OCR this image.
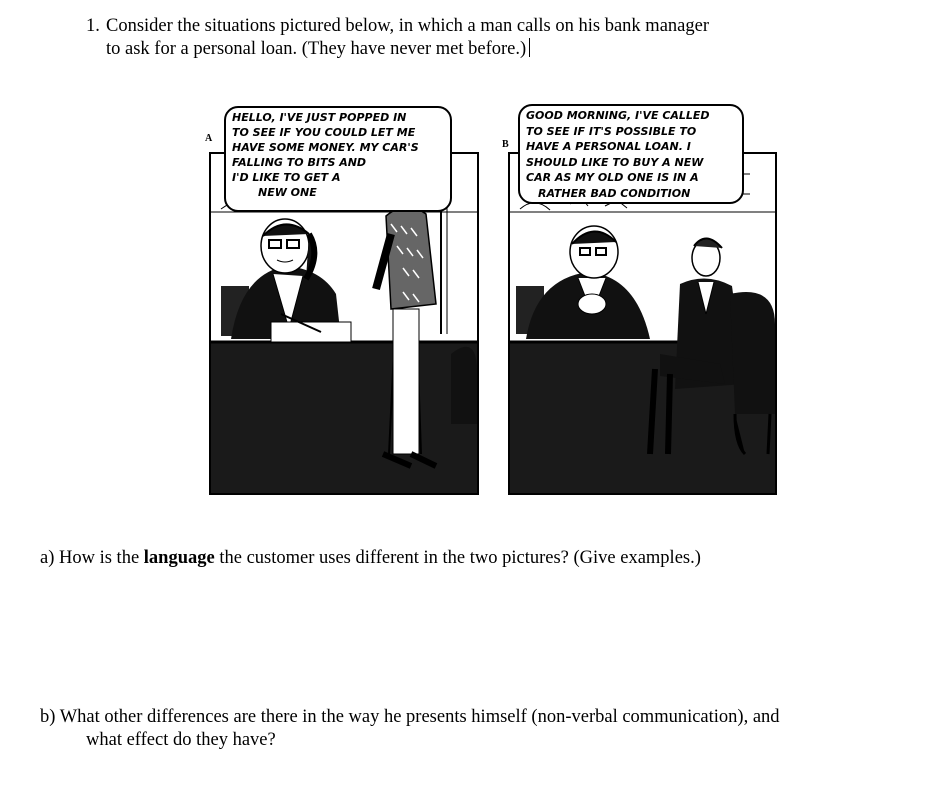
1. Consider the situations pictured below, in which a man calls on his bank manager
to ask for a personal loan. (They have never met before.)
A
HELLO, I'VE JUST POPPED IN
TO SEE IF YOU COULD LET ME
HAVE SOME MONEY. MY CAR'S
FALLING TO BITS AND
I'D LIKE TO GET A
NEW ONE
B
GOOD MORNING, I'VE CALLED
TO SEE IF IT'S POSSIBLE TO
HAVE A PERSONAL LOAN. I
SHOULD LIKE TO BUY A NEW
CAR AS MY OLD ONE IS IN A
RATHER BAD CONDITION
a) How is the language the customer uses different in the two pictures? (Give examples.)
b) What other differences are there in the way he presents himself (non-verbal communication), and
what effect do they have?
